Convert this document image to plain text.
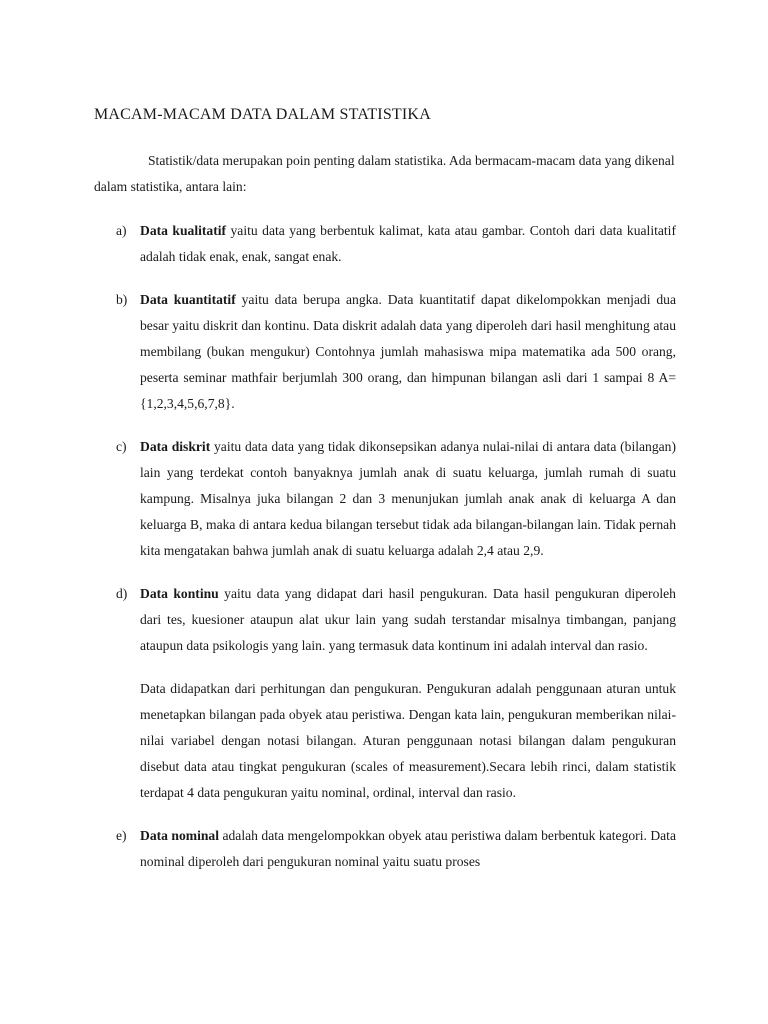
MACAM-MACAM DATA DALAM STATISTIKA

Statistik/data merupakan poin penting dalam statistika. Ada bermacam-macam data yang dikenal dalam statistika, antara lain:

a) Data kualitatif yaitu data yang berbentuk kalimat, kata atau gambar. Contoh dari data kualitatif adalah tidak enak, enak, sangat enak.
b) Data kuantitatif yaitu data berupa angka. Data kuantitatif dapat dikelompokkan menjadi dua besar yaitu diskrit dan kontinu. Data diskrit adalah data yang diperoleh dari hasil menghitung atau membilang (bukan mengukur) Contohnya jumlah mahasiswa mipa matematika ada 500 orang, peserta seminar mathfair berjumlah 300 orang, dan himpunan bilangan asli dari 1 sampai 8 A= {1,2,3,4,5,6,7,8}.
c) Data diskrit yaitu data data yang tidak dikonsepsikan adanya nulai-nilai di antara data (bilangan) lain yang terdekat contoh banyaknya jumlah anak di suatu keluarga, jumlah rumah di suatu kampung. Misalnya juka bilangan 2 dan 3 menunjukan jumlah anak anak di keluarga A dan keluarga B, maka di antara kedua bilangan tersebut tidak ada bilangan-bilangan lain. Tidak pernah kita mengatakan bahwa jumlah anak di suatu keluarga adalah 2,4 atau 2,9.
d) Data kontinu yaitu data yang didapat dari hasil pengukuran. Data hasil pengukuran diperoleh dari tes, kuesioner ataupun alat ukur lain yang sudah terstandar misalnya timbangan, panjang ataupun data psikologis yang lain. yang termasuk data kontinum ini adalah interval dan rasio.

Data didapatkan dari perhitungan dan pengukuran. Pengukuran adalah penggunaan aturan untuk menetapkan bilangan pada obyek atau peristiwa. Dengan kata lain, pengukuran memberikan nilai-nilai variabel dengan notasi bilangan. Aturan penggunaan notasi bilangan dalam pengukuran disebut data atau tingkat pengukuran (scales of measurement).Secara lebih rinci, dalam statistik terdapat 4 data pengukuran yaitu nominal, ordinal, interval dan rasio.

e) Data nominal adalah data mengelompokkan obyek atau peristiwa dalam berbentuk kategori. Data nominal diperoleh dari pengukuran nominal yaitu suatu proses
